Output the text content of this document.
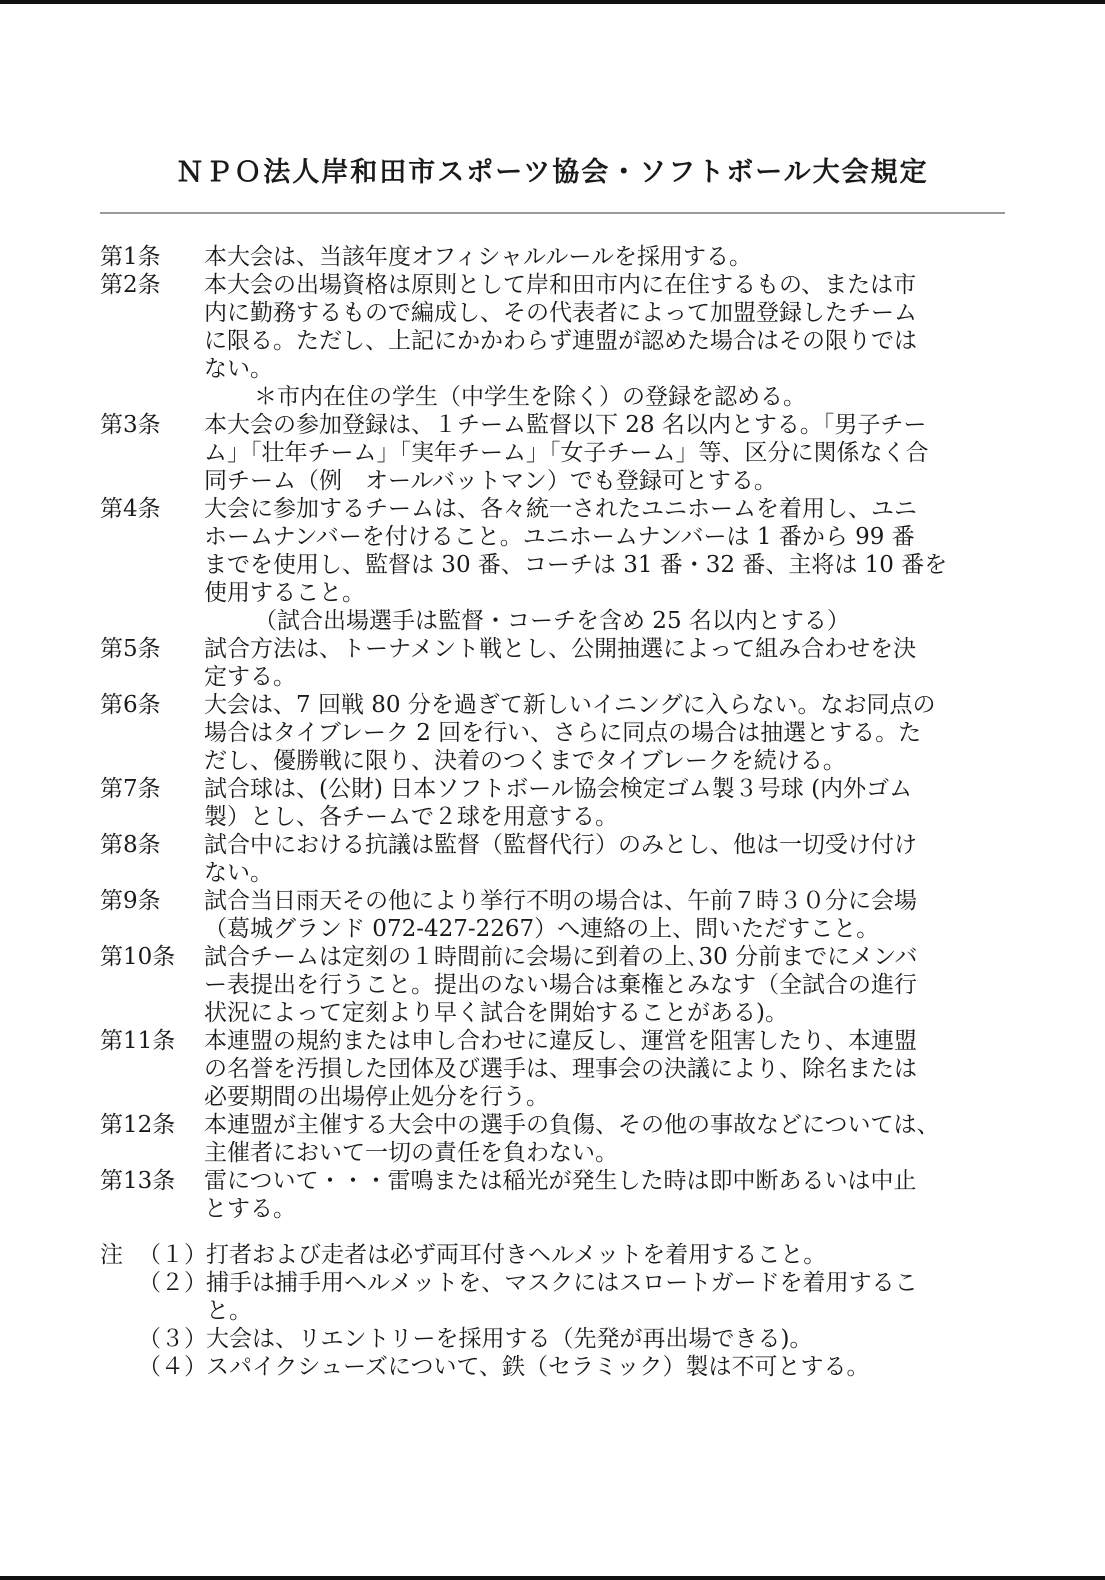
ＮＰＯ法人岸和田市スポーツ協会・ソフトボール大会規定
第1条	本大会は、当該年度オフィシャルルールを採用する。
第2条	本大会の出場資格は原則として岸和田市内に在住するもの、または市
内に勤務するもので編成し、その代表者によって加盟登録したチーム
に限る。ただし、上記にかかわらず連盟が認めた場合はその限りでは
ない。
＊市内在住の学生（中学生を除く）の登録を認める。
第3条	本大会の参加登録は、１チーム監督以下 28 名以内とする。「男子チー
ム」「壮年チーム」「実年チーム」「女子チーム」等、区分に関係なく合
同チーム（例　オールバットマン）でも登録可とする。
第4条	大会に参加するチームは、各々統一されたユニホームを着用し、ユニ
ホームナンバーを付けること。ユニホームナンバーは 1 番から 99 番
までを使用し、監督は 30 番、コーチは 31 番・32 番、主将は 10 番を
使用すること。
（試合出場選手は監督・コーチを含め 25 名以内とする）
第5条	試合方法は、トーナメント戦とし、公開抽選によって組み合わせを決
定する。
第6条	大会は、7 回戦 80 分を過ぎて新しいイニングに入らない。なお同点の
場合はタイブレーク 2 回を行い、さらに同点の場合は抽選とする。た
だし、優勝戦に限り、決着のつくまでタイブレークを続ける。
第7条	試合球は、(公財) 日本ソフトボール協会検定ゴム製３号球 (内外ゴム
製）とし、各チームで２球を用意する。
第8条	試合中における抗議は監督（監督代行）のみとし、他は一切受け付け
ない。
第9条	試合当日雨天その他により挙行不明の場合は、午前７時３０分に会場
（葛城グランド 072-427-2267）へ連絡の上、問いただすこと。
第10条	試合チームは定刻の１時間前に会場に到着の上､30 分前までにメンバ
ー表提出を行うこと。提出のない場合は棄権とみなす（全試合の進行
状況によって定刻より早く試合を開始することがある)。
第11条	本連盟の規約または申し合わせに違反し、運営を阻害したり、本連盟
の名誉を汚損した団体及び選手は、理事会の決議により、除名または
必要期間の出場停止処分を行う。
第12条	本連盟が主催する大会中の選手の負傷、その他の事故などについては、
主催者において一切の責任を負わない。
第13条	雷について・・・雷鳴または稲光が発生した時は即中断あるいは中止
とする。
注 （１） 打者および走者は必ず両耳付きヘルメットを着用すること。
（２） 捕手は捕手用ヘルメットを、マスクにはスロートガードを着用するこ
と。
（３） 大会は、リエントリーを採用する（先発が再出場できる)。
（４） スパイクシューズについて、鉄（セラミック）製は不可とする。
